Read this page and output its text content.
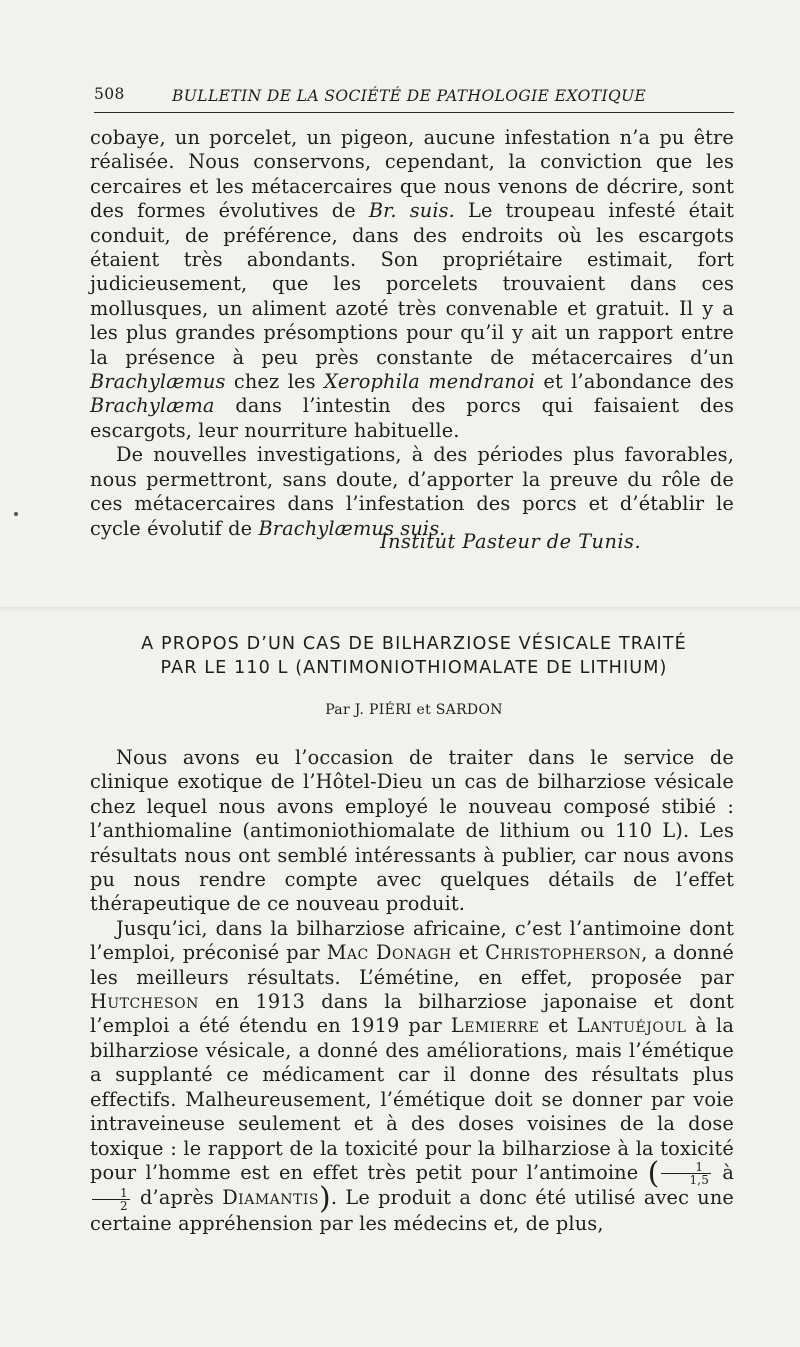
508	BULLETIN DE LA SOCIÉTÉ DE PATHOLOGIE EXOTIQUE

cobaye, un porcelet, un pigeon, aucune infestation n’a pu être réalisée. Nous conservons, cependant, la conviction que les cercaires et les métacercaires que nous venons de décrire, sont des formes évolutives de Br. suis. Le troupeau infesté était conduit, de préférence, dans des endroits où les escargots étaient très abondants. Son propriétaire estimait, fort judicieusement, que les porcelets trouvaient dans ces mollusques, un aliment azoté très convenable et gratuit. Il y a les plus grandes présomptions pour qu’il y ait un rapport entre la présence à peu près constante de métacercaires d’un Brachylæmus chez les Xerophila mendranoi et l’abondance des Brachylæma dans l’intestin des porcs qui faisaient des escargots, leur nourriture habituelle.

De nouvelles investigations, à des périodes plus favorables, nous permettront, sans doute, d’apporter la preuve du rôle de ces métacercaires dans l’infestation des porcs et d’établir le cycle évolutif de Brachylæmus suis.

Institut Pasteur de Tunis.
A PROPOS D’UN CAS DE BILHARZIOSE VÉSICALE TRAITÉ
PAR LE 110 L (ANTIMONIOTHIOMALATE DE LITHIUM)
Par J. PIÉRI et SARDON

Nous avons eu l’occasion de traiter dans le service de clinique exotique de l’Hôtel-Dieu un cas de bilharziose vésicale chez lequel nous avons employé le nouveau composé stibié : l’anthiomaline (antimoniothiomalate de lithium ou 110 L). Les résultats nous ont semblé intéressants à publier, car nous avons pu nous rendre compte avec quelques détails de l’effet thérapeutique de ce nouveau produit.

Jusqu’ici, dans la bilharziose africaine, c’est l’antimoine dont l’emploi, préconisé par Mac Donagh et Christopherson, a donné les meilleurs résultats. L’émétine, en effet, proposée par Hutcheson en 1913 dans la bilharziose japonaise et dont l’emploi a été étendu en 1919 par Lemierre et Lantuéjoul à la bilharziose vésicale, a donné des améliorations, mais l’émétique a supplanté ce médicament car il donne des résultats plus effectifs. Malheureusement, l’émétique doit se donner par voie intraveineuse seulement et à des doses voisines de la dose toxique : le rapport de la toxicité pour la bilharziose à la toxicité pour l’homme est en effet très petit pour l’antimoine ( $\frac{1}{1,5}$ à
$\frac{1}{2}$ d’après Diamantis). Le produit a donc été utilisé avec une certaine appréhension par les médecins et, de plus,
